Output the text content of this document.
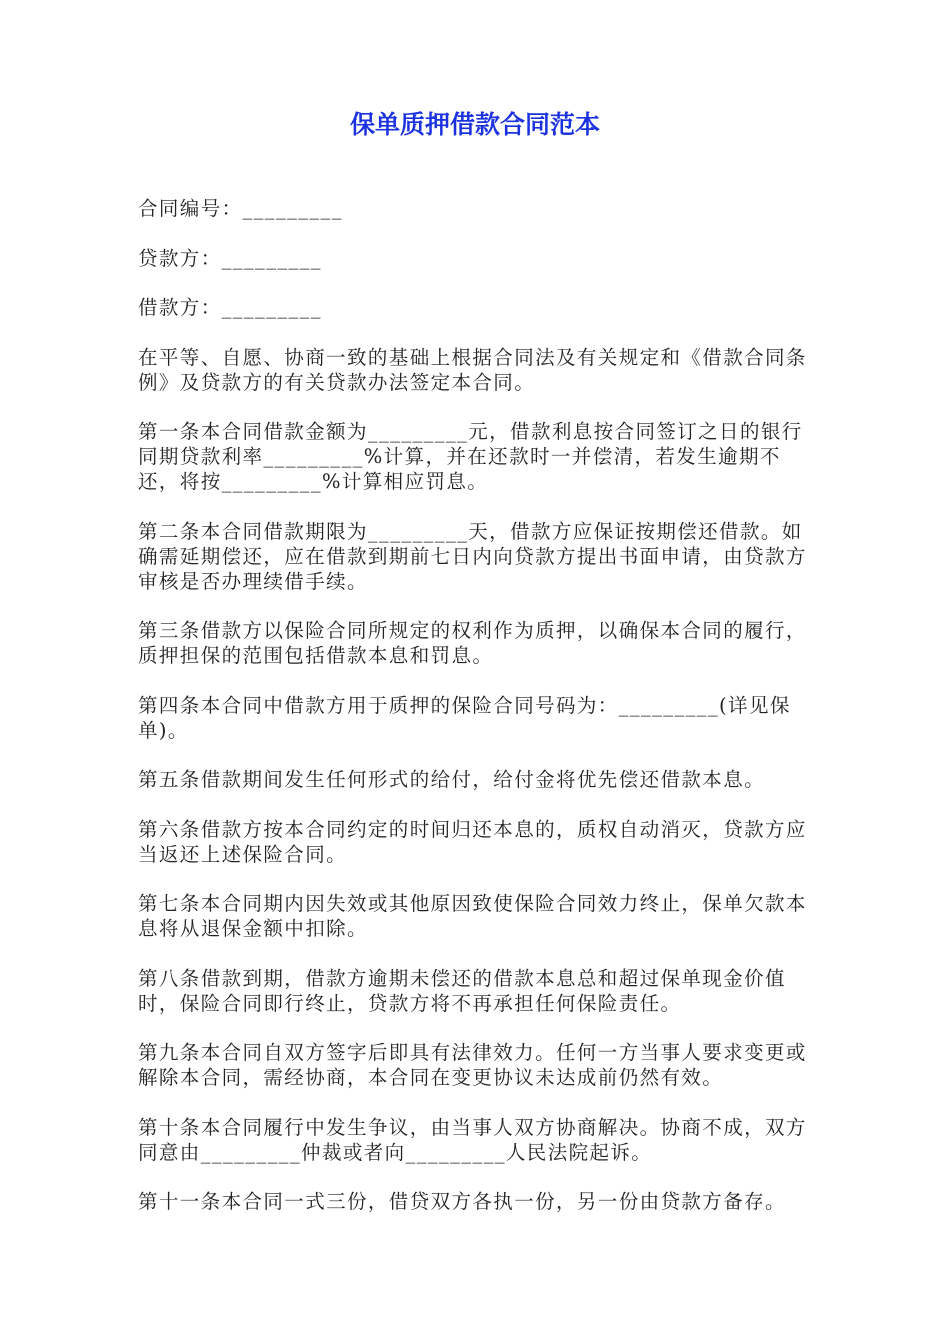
保单质押借款合同范本

合同编号：_________

贷款方：_________

借款方：_________

在平等、自愿、协商一致的基础上根据合同法及有关规定和《借款合同条例》及贷款方的有关贷款办法签定本合同。

第一条本合同借款金额为_________元，借款利息按合同签订之日的银行同期贷款利率_________%计算，并在还款时一并偿清，若发生逾期不还，将按_________%计算相应罚息。

第二条本合同借款期限为_________天，借款方应保证按期偿还借款。如确需延期偿还，应在借款到期前七日内向贷款方提出书面申请，由贷款方审核是否办理续借手续。

第三条借款方以保险合同所规定的权利作为质押，以确保本合同的履行，质押担保的范围包括借款本息和罚息。

第四条本合同中借款方用于质押的保险合同号码为：_________(详见保单)。

第五条借款期间发生任何形式的给付，给付金将优先偿还借款本息。

第六条借款方按本合同约定的时间归还本息的，质权自动消灭，贷款方应当返还上述保险合同。

第七条本合同期内因失效或其他原因致使保险合同效力终止，保单欠款本息将从退保金额中扣除。

第八条借款到期，借款方逾期未偿还的借款本息总和超过保单现金价值时，保险合同即行终止，贷款方将不再承担任何保险责任。

第九条本合同自双方签字后即具有法律效力。任何一方当事人要求变更或解除本合同，需经协商，本合同在变更协议未达成前仍然有效。

第十条本合同履行中发生争议，由当事人双方协商解决。协商不成，双方同意由_________仲裁或者向_________人民法院起诉。

第十一条本合同一式三份，借贷双方各执一份，另一份由贷款方备存。
